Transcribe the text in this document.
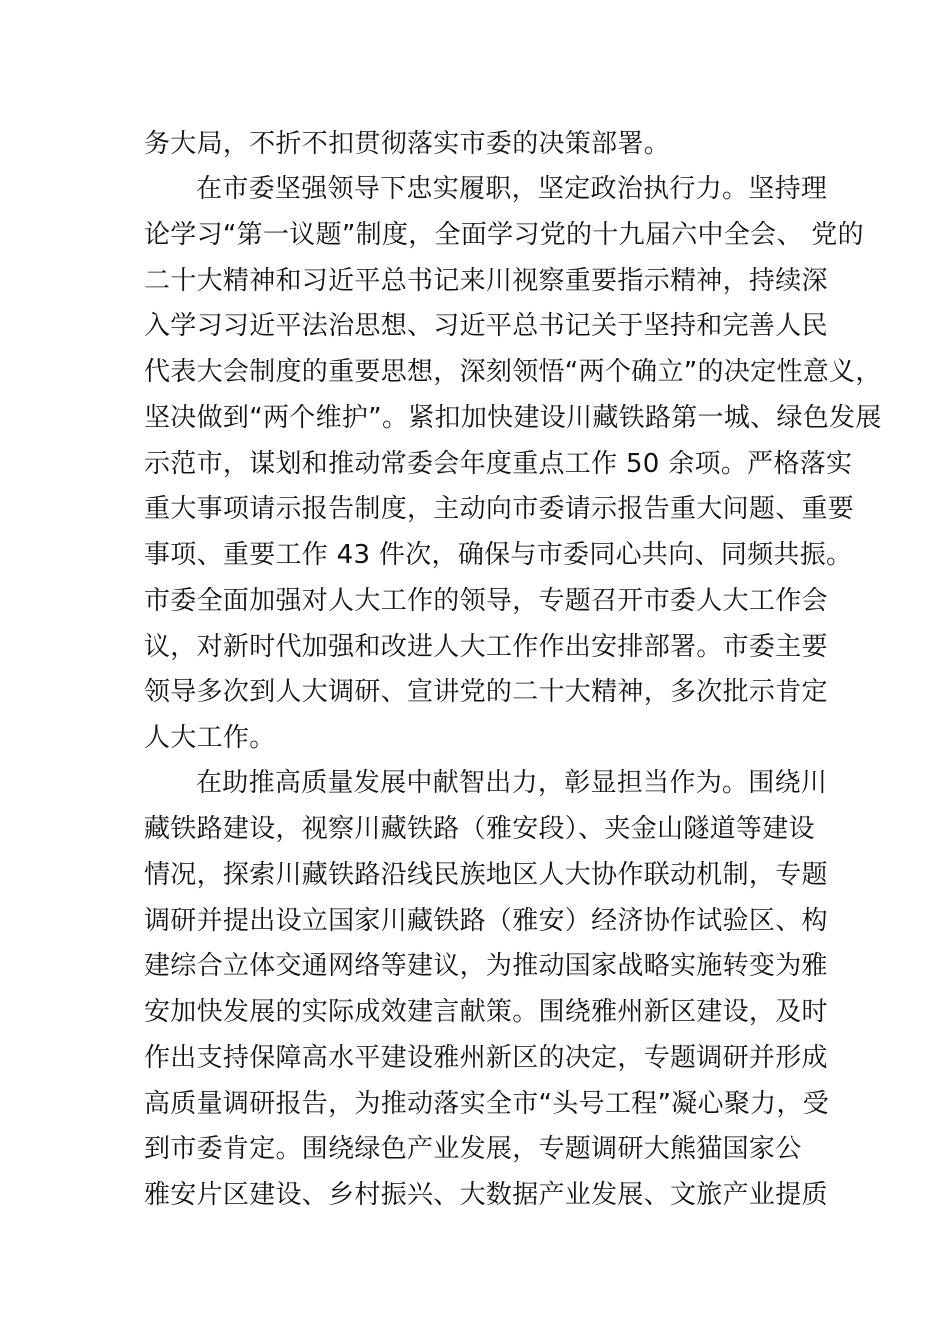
务大局，不折不扣贯彻落实市委的决策部署。
在市委坚强领导下忠实履职，坚定政治执行力。坚持理
论学习“第一议题”制度，全面学习党的十九届六中全会、 党的
二十大精神和习近平总书记来川视察重要指示精神，持续深
入学习习近平法治思想、习近平总书记关于坚持和完善人民
代表大会制度的重要思想，深刻领悟“两个确立”的决定性意义，
坚决做到“两个维护”。紧扣加快建设川藏铁路第一城、绿色发展
示范市，谋划和推动常委会年度重点工作 50 余项。严格落实
重大事项请示报告制度，主动向市委请示报告重大问题、重要
事项、重要工作 43 件次，确保与市委同心共向、同频共振。
市委全面加强对人大工作的领导，专题召开市委人大工作会
议，对新时代加强和改进人大工作作出安排部署。市委主要
领导多次到人大调研、宣讲党的二十大精神，多次批示肯定
人大工作。
在助推高质量发展中献智出力，彰显担当作为。围绕川
藏铁路建设，视察川藏铁路（雅安段）、夹金山隧道等建设
情况，探索川藏铁路沿线民族地区人大协作联动机制，专题
调研并提出设立国家川藏铁路（雅安）经济协作试验区、构
建综合立体交通网络等建议，为推动国家战略实施转变为雅
安加快发展的实际成效建言献策。围绕雅州新区建设，及时
作出支持保障高水平建设雅州新区的决定，专题调研并形成
高质量调研报告，为推动落实全市“头号工程”凝心聚力，受
到市委肯定。围绕绿色产业发展，专题调研大熊猫国家公
雅安片区建设、乡村振兴、大数据产业发展、文旅产业提质
